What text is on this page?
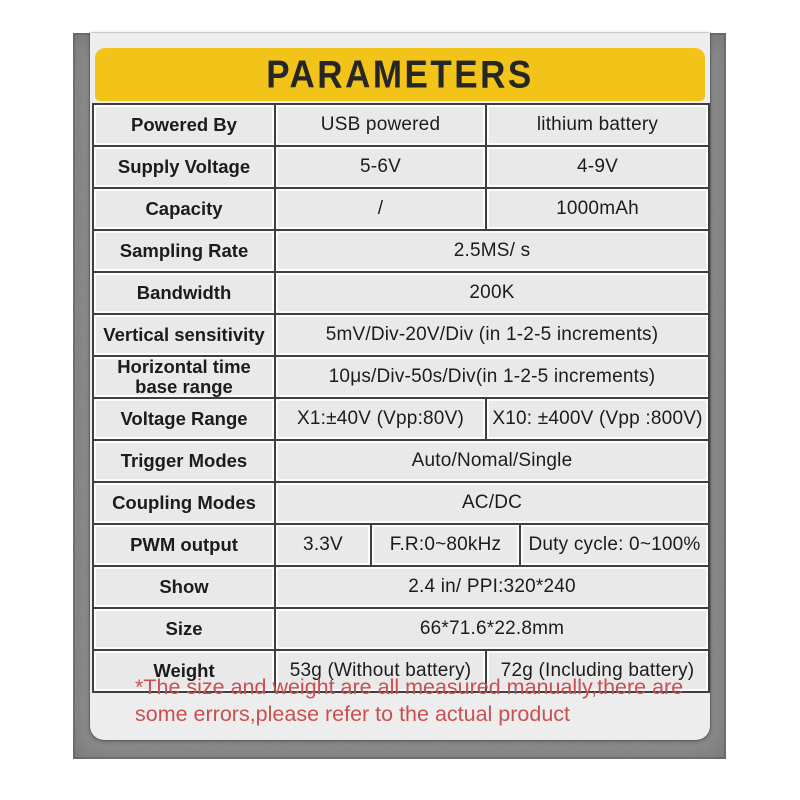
PARAMETERS
Powered By	USB powered		lithium battery	
Supply Voltage	5-6V		4-9V	
Capacity	/		1000mAh	
Sampling Rate	2.5MS/ s			
Bandwidth	200K			
Vertical sensitivity	5mV/Div-20V/Div (in 1-2-5 increments)			
Horizontal time base range	10μs/Div-50s/Div(in 1-2-5 increments)			
Voltage Range	X1:±40V (Vpp:80V)		X10: ±400V (Vpp :800V)	
Trigger Modes	Auto/Nomal/Single			
Coupling Modes	AC/DC			
PWM output	3.3V	F.R:0~80kHz		Duty cycle: 0~100%
Show	2.4 in/ PPI:320*240			
Size	66*71.6*22.8mm			
Weight	53g (Without battery)		72g (Including battery)	
*The size and weight are all measured manually,there are
some errors,please refer to the actual product
